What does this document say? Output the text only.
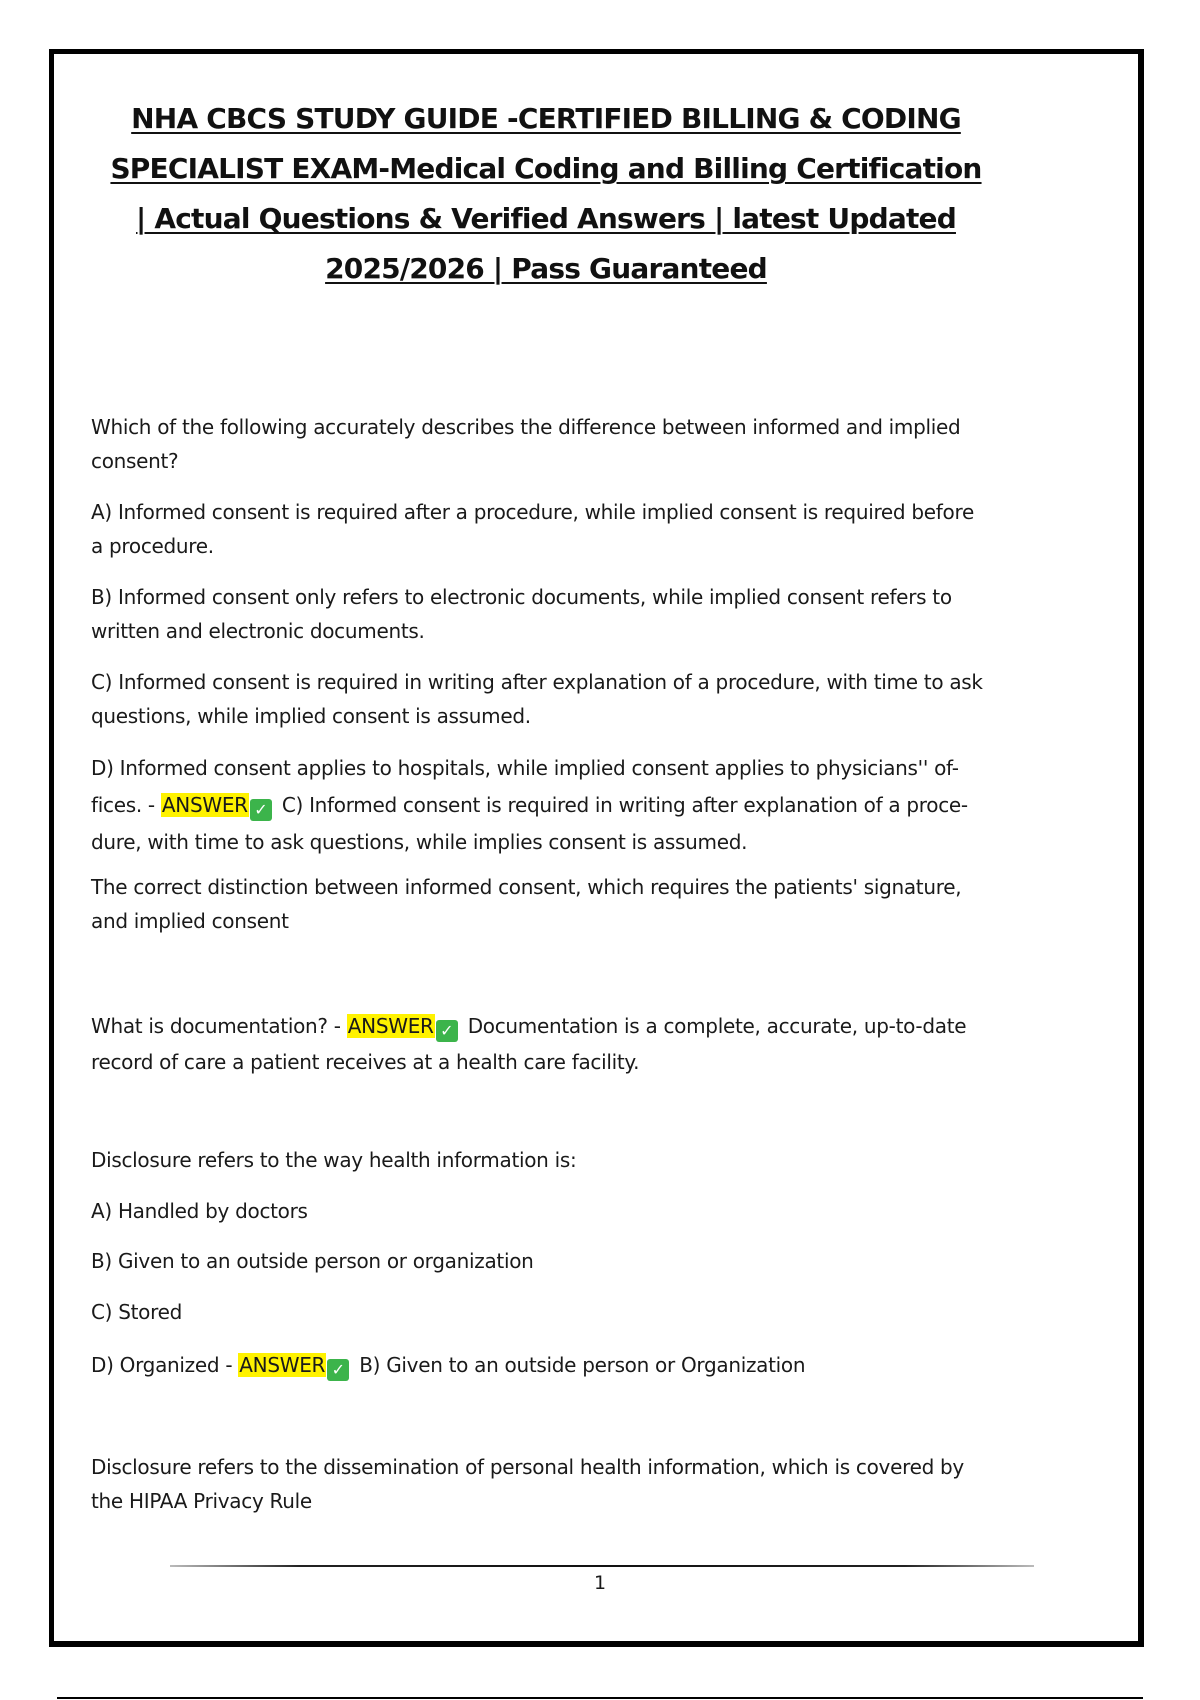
NHA CBCS STUDY GUIDE -CERTIFIED BILLING & CODING
SPECIALIST EXAM-Medical Coding and Billing Certification
| Actual Questions & Verified Answers | latest Updated
2025/2026 | Pass Guaranteed

Which of the following accurately describes the difference between informed and implied consent?

A) Informed consent is required after a procedure, while implied consent is required before a procedure.

B) Informed consent only refers to electronic documents, while implied consent refers to written and electronic documents.

C) Informed consent is required in writing after explanation of a procedure, with time to ask questions, while implied consent is assumed.

D) Informed consent applies to hospitals, while implied consent applies to physicians'' of- fices. - ANSWER ✓ C) Informed consent is required in writing after explanation of a proce- dure, with time to ask questions, while implies consent is assumed.

The correct distinction between informed consent, which requires the patients' signature, and implied consent

What is documentation? - ANSWER ✓ Documentation is a complete, accurate, up-to-date record of care a patient receives at a health care facility.

Disclosure refers to the way health information is:

A) Handled by doctors

B) Given to an outside person or organization

C) Stored

D) Organized - ANSWER ✓ B) Given to an outside person or Organization

Disclosure refers to the dissemination of personal health information, which is covered by the HIPAA Privacy Rule

1
